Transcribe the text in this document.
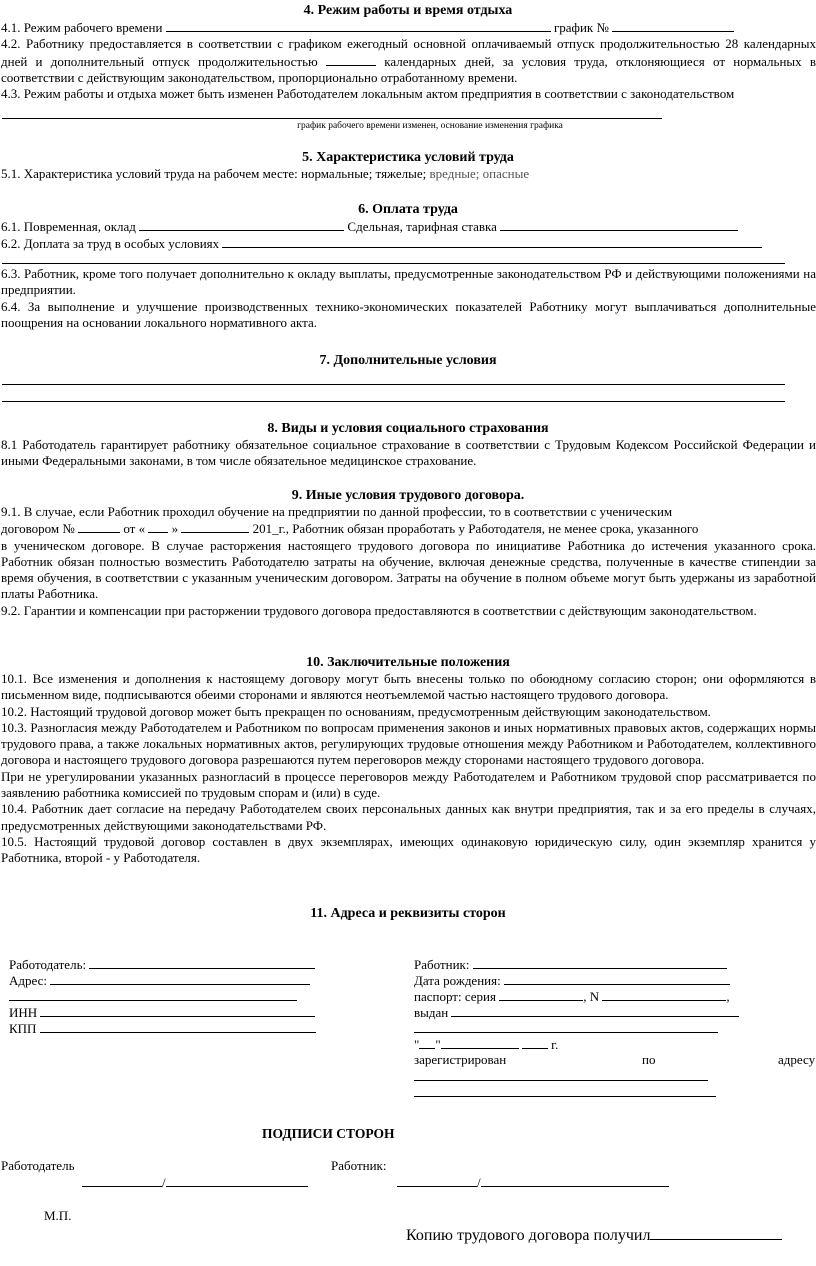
4. Режим работы и время отдыха

4.1. Режим рабочего времени	график №

4.2. Работнику предоставляется в соответствии с графиком ежегодный основной оплачиваемый отпуск продолжительностью 28 календарных дней и дополнительный отпуск продолжительностью	календарных дней, за условия труда, отклоняющиеся от нормальных в соответствии с действующим законодательством, пропорционально отработанному времени.

4.3. Режим работы и отдыха может быть изменен Работодателем локальным актом предприятия в соответствии с законодательством

график рабочего времени изменен, основание изменения графика

5. Характеристика условий труда

5.1. Характеристика условий труда на рабочем месте: нормальные; тяжелые; вредные; опасные

6. Оплата труда

6.1. Повременная, оклад	Сдельная, тарифная ставка

6.2. Доплата за труд в особых условиях

6.3. Работник, кроме того получает дополнительно к окладу выплаты, предусмотренные законодательством РФ и действующими положениями на предприятии.

6.4. За выполнение и улучшение производственных технико-экономических показателей Работнику могут выплачиваться дополнительные поощрения на основании локального нормативного акта.

7. Дополнительные условия

8. Виды и условия социального страхования

8.1 Работодатель гарантирует работнику обязательное социальное страхование в соответствии с Трудовым Кодексом Российской Федерации и иными Федеральными законами, в том числе обязательное медицинское страхование.

9. Иные условия трудового договора.

9.1. В случае, если Работник проходил обучение на предприятии по данной профессии, то в соответствии с ученическим

договором №	от « »	201_г., Работник обязан проработать у Работодателя, не менее срока, указанного

в ученическом договоре. В случае расторжения настоящего трудового договора по инициативе Работника до истечения указанного срока. Работник обязан полностью возместить Работодателю затраты на обучение, включая денежные средства, полученные в качестве стипендии за время обучения, в соответствии с указанным ученическим договором. Затраты на обучение в полном объеме могут быть удержаны из заработной платы Работника.

9.2. Гарантии и компенсации при расторжении трудового договора предоставляются в соответствии с действующим законодательством.

10. Заключительные положения

10.1. Все изменения и дополнения к настоящему договору могут быть внесены только по обоюдному согласию сторон; они оформляются в письменном виде, подписываются обеими сторонами и являются неотъемлемой частью настоящего трудового договора.

10.2. Настоящий трудовой договор может быть прекращен по основаниям, предусмотренным действующим законодательством.

10.3. Разногласия между Работодателем и Работником по вопросам применения законов и иных нормативных правовых актов, содержащих нормы трудового права, а также локальных нормативных актов, регулирующих трудовые отношения между Работником и Работодателем, коллективного договора и настоящего трудового договора разрешаются путем переговоров между сторонами настоящего трудового договора.

При не урегулировании указанных разногласий в процессе переговоров между Работодателем и Работником трудовой спор рассматривается по заявлению работника комиссией по трудовым спорам и (или) в суде.

10.4. Работник дает согласие на передачу Работодателем своих персональных данных как внутри предприятия, так и за его пределы в случаях, предусмотренных действующими законодательствами РФ.

10.5. Настоящий трудовой договор составлен в двух экземплярах, имеющих одинаковую юридическую силу, один экземпляр хранится у Работника, второй - у Работодателя.

11. Адреса и реквизиты сторон

Работодатель:
Адрес:
ИНН
КПП
Работник:
Дата рождения:
паспорт: серия	, N	,
выдан
" "	г.
зарегистрирован	по	адресу
ПОДПИСИ СТОРОН
Работодатель	Работник:
/	/
М.П.
Копию трудового договора получил
